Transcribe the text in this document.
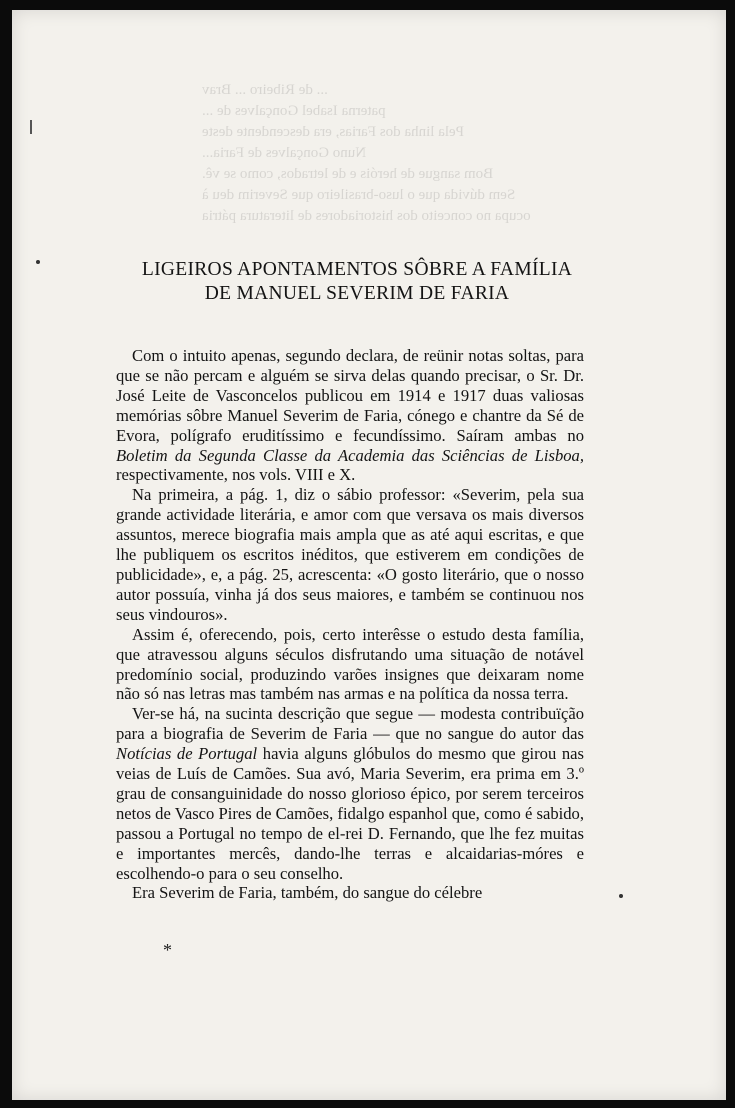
... de Ribeiro ... Brav
paterna Isabel Gonçalves de ...
Pela linha dos Farias, era descendente deste
Nuno Gonçalves de Faria...
Bom sangue de heróis e de letrados, como se vê.
Sem dúvida que o luso-brasileiro que Severim deu à
ocupa no conceito dos historiadores de literatura pátria
LIGEIROS APONTAMENTOS SÔBRE A FAMÍLIA
DE MANUEL SEVERIM DE FARIA

Com o intuito apenas, segundo declara, de reünir notas soltas, para que se não percam e alguém se sirva delas quando precisar, o Sr. Dr. José Leite de Vasconcelos publicou em 1914 e 1917 duas valiosas memórias sôbre Manuel Severim de Faria, cónego e chantre da Sé de Evora, polígrafo eruditíssimo e fecundíssimo. Saíram ambas no Boletim da Segunda Classe da Academia das Sciências de Lisboa, respectivamente, nos vols. VIII e X.

Na primeira, a pág. 1, diz o sábio professor: «Severim, pela sua grande actividade literária, e amor com que versava os mais diversos assuntos, merece biografia mais ampla que as até aqui escritas, e que lhe publiquem os escritos inéditos, que estiverem em condições de publicidade», e, a pág. 25, acrescenta: «O gosto literário, que o nosso autor possuía, vinha já dos seus maiores, e também se continuou nos seus vindouros».

Assim é, oferecendo, pois, certo interêsse o estudo desta família, que atravessou alguns séculos disfrutando uma situação de notável predomínio social, produzindo varões insignes que deixaram nome não só nas letras mas também nas armas e na política da nossa terra.

Ver-se há, na sucinta descrição que segue — modesta contribuïção para a biografia de Severim de Faria — que no sangue do autor das Notícias de Portugal havia alguns glóbulos do mesmo que girou nas veias de Luís de Camões. Sua avó, Maria Severim, era prima em 3.º grau de consanguinidade do nosso glorioso épico, por serem terceiros netos de Vasco Pires de Camões, fidalgo espanhol que, como é sabido, passou a Portugal no tempo de el-rei D. Fernando, que lhe fez muitas e importantes mercês, dando-lhe terras e alcaidarias-móres e escolhendo-o para o seu conselho.

Era Severim de Faria, também, do sangue do célebre

*
